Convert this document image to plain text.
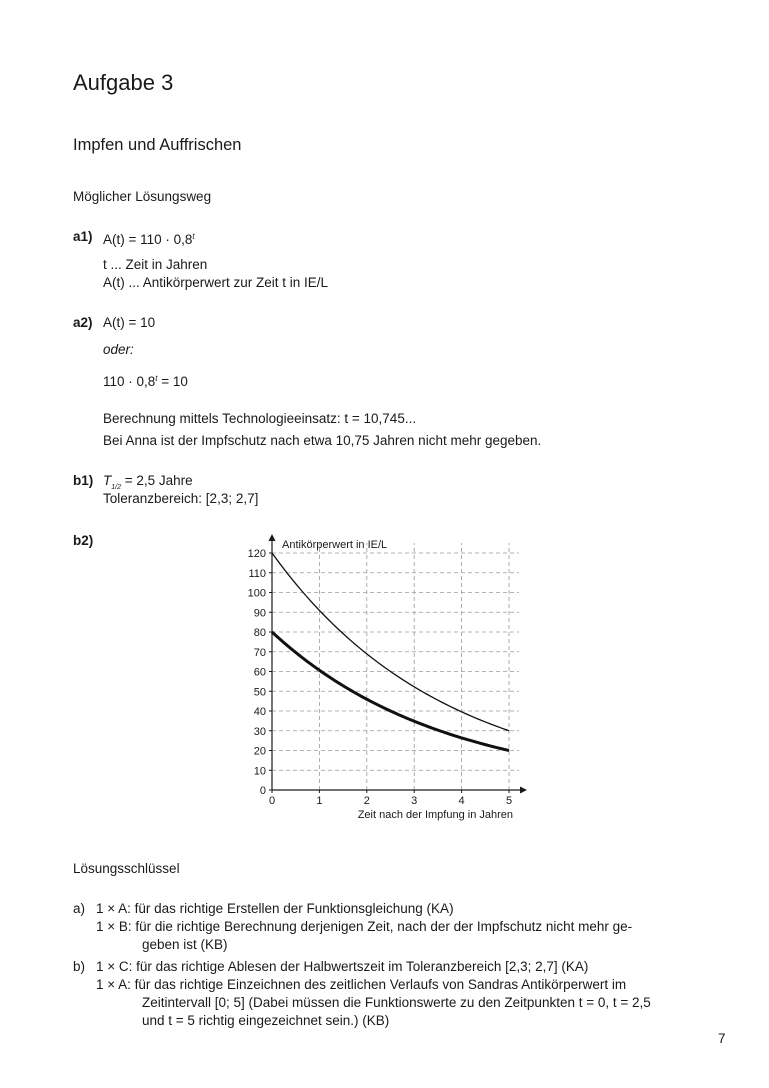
Aufgabe 3
Impfen und Auffrischen
Möglicher Lösungsweg
a1) $A(t) = 110 \cdot 0,8^t$
t ... Zeit in Jahren
A(t) ... Antikörperwert zur Zeit t in IE/L
a2) A(t) = 10
oder:
$110 \cdot 0,8^t = 10$
Berechnung mittels Technologieeinsatz: t = 10,745...
Bei Anna ist der Impfschutz nach etwa 10,75 Jahren nicht mehr gegeben.
b1) $T_{1/2} = 2,5$ Jahre
Toleranzbereich: [2,3; 2,7]
b2)
0
10
20
30
40
50
60
70
80
90
100
110
120
0	1	2	3	4	5
Antikörperwert in IE/L
Zeit nach der Impfung in Jahren
Lösungsschlüssel
a) 1 × A: für das richtige Erstellen der Funktionsgleichung (KA)
1 × B: für die richtige Berechnung derjenigen Zeit, nach der der Impfschutz nicht mehr ge-
geben ist (KB)
b) 1 × C: für das richtige Ablesen der Halbwertszeit im Toleranzbereich [2,3; 2,7] (KA)
1 × A: für das richtige Einzeichnen des zeitlichen Verlaufs von Sandras Antikörperwert im
Zeitintervall [0; 5] (Dabei müssen die Funktionswerte zu den Zeitpunkten t = 0, t = 2,5
und t = 5 richtig eingezeichnet sein.) (KB)
7
